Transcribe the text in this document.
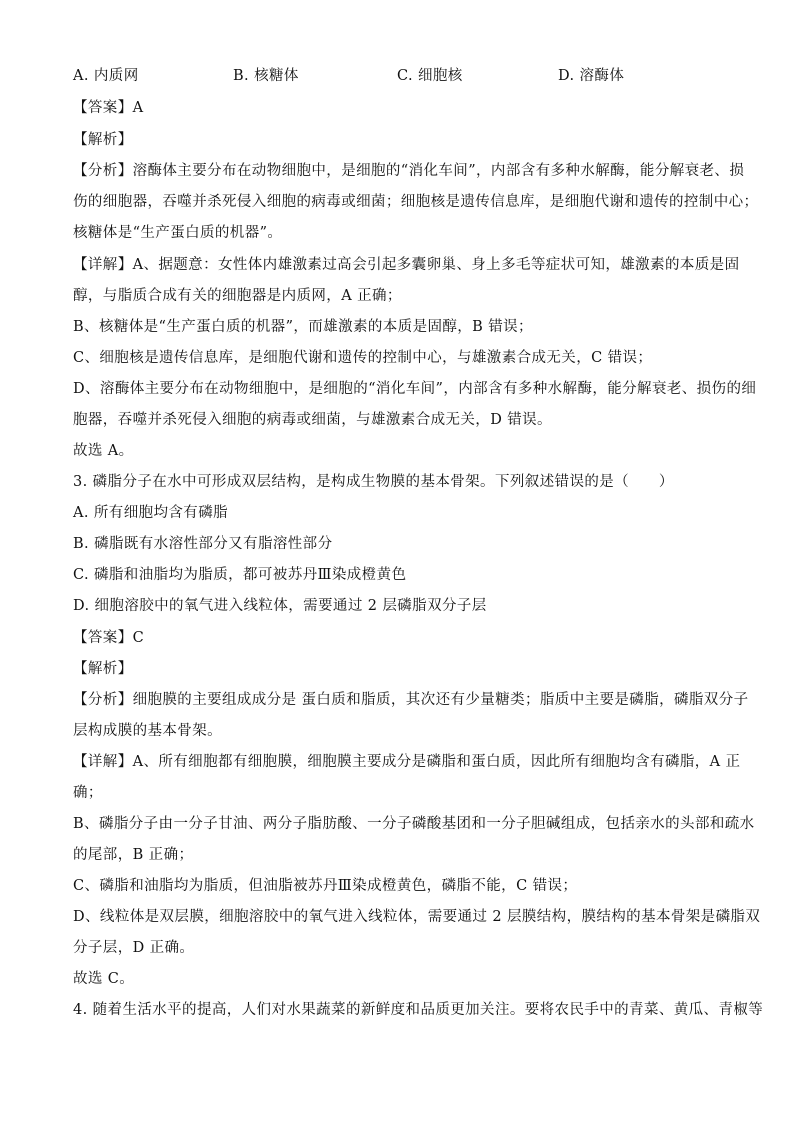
A. 内质网	B. 核糖体	C. 细胞核	D. 溶酶体
【答案】A
【解析】
【分析】溶酶体主要分布在动物细胞中，是细胞的“消化车间”，内部含有多种水解酶，能分解衰老、损
伤的细胞器，吞噬并杀死侵入细胞的病毒或细菌；细胞核是遗传信息库，是细胞代谢和遗传的控制中心；
核糖体是“生产蛋白质的机器”。
【详解】A、据题意：女性体内雄激素过高会引起多囊卵巢、身上多毛等症状可知，雄激素的本质是固
醇，与脂质合成有关的细胞器是内质网，A 正确；
B、核糖体是“生产蛋白质的机器”，而雄激素的本质是固醇，B 错误；
C、细胞核是遗传信息库，是细胞代谢和遗传的控制中心，与雄激素合成无关，C 错误；
D、溶酶体主要分布在动物细胞中，是细胞的“消化车间”，内部含有多种水解酶，能分解衰老、损伤的细
胞器，吞噬并杀死侵入细胞的病毒或细菌，与雄激素合成无关，D 错误。
故选 A。
3. 磷脂分子在水中可形成双层结构，是构成生物膜的基本骨架。下列叙述错误的是（　　）
A. 所有细胞均含有磷脂
B. 磷脂既有水溶性部分又有脂溶性部分
C. 磷脂和油脂均为脂质，都可被苏丹Ⅲ染成橙黄色
D. 细胞溶胶中的氧气进入线粒体，需要通过 2 层磷脂双分子层
【答案】C
【解析】
【分析】细胞膜的主要组成成分是 蛋白质和脂质，其次还有少量糖类；脂质中主要是磷脂，磷脂双分子
层构成膜的基本骨架。
【详解】A、所有细胞都有细胞膜，细胞膜主要成分是磷脂和蛋白质，因此所有细胞均含有磷脂，A 正
确；
B、磷脂分子由一分子甘油、两分子脂肪酸、一分子磷酸基团和一分子胆碱组成，包括亲水的头部和疏水
的尾部，B 正确；
C、磷脂和油脂均为脂质，但油脂被苏丹Ⅲ染成橙黄色，磷脂不能，C 错误；
D、线粒体是双层膜，细胞溶胶中的氧气进入线粒体，需要通过 2 层膜结构，膜结构的基本骨架是磷脂双
分子层，D 正确。
故选 C。
4. 随着生活水平的提高，人们对水果蔬菜的新鲜度和品质更加关注。要将农民手中的青菜、黄瓜、青椒等
